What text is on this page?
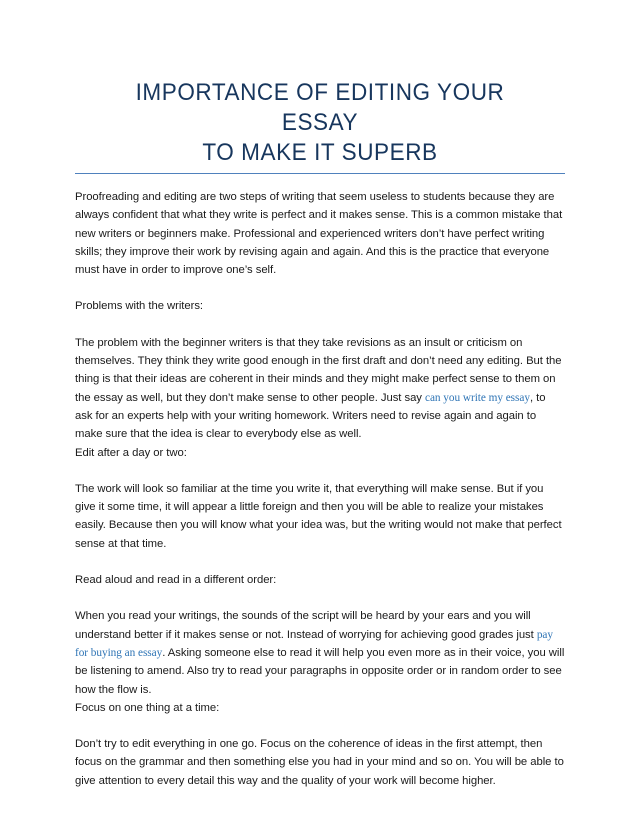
IMPORTANCE OF EDITING YOUR ESSAY
TO MAKE IT SUPERB

Proofreading and editing are two steps of writing that seem useless to students because they are always confident that what they write is perfect and it makes sense. This is a common mistake that new writers or beginners make. Professional and experienced writers don’t have perfect writing skills; they improve their work by revising again and again. And this is the practice that everyone must have in order to improve one’s self.

Problems with the writers:

The problem with the beginner writers is that they take revisions as an insult or criticism on themselves. They think they write good enough in the first draft and don’t need any editing. But the thing is that their ideas are coherent in their minds and they might make perfect sense to them on the essay as well, but they don’t make sense to other people. Just say can you write my essay, to ask for an experts help with your writing homework. Writers need to revise again and again to make sure that the idea is clear to everybody else as well.

Edit after a day or two:

The work will look so familiar at the time you write it, that everything will make sense. But if you give it some time, it will appear a little foreign and then you will be able to realize your mistakes easily. Because then you will know what your idea was, but the writing would not make that perfect sense at that time.

Read aloud and read in a different order:

When you read your writings, the sounds of the script will be heard by your ears and you will understand better if it makes sense or not. Instead of worrying for achieving good grades just pay for buying an essay. Asking someone else to read it will help you even more as in their voice, you will be listening to amend. Also try to read your paragraphs in opposite order or in random order to see how the flow is.

Focus on one thing at a time:

Don’t try to edit everything in one go. Focus on the coherence of ideas in the first attempt, then focus on the grammar and then something else you had in your mind and so on. You will be able to give attention to every detail this way and the quality of your work will become higher.
